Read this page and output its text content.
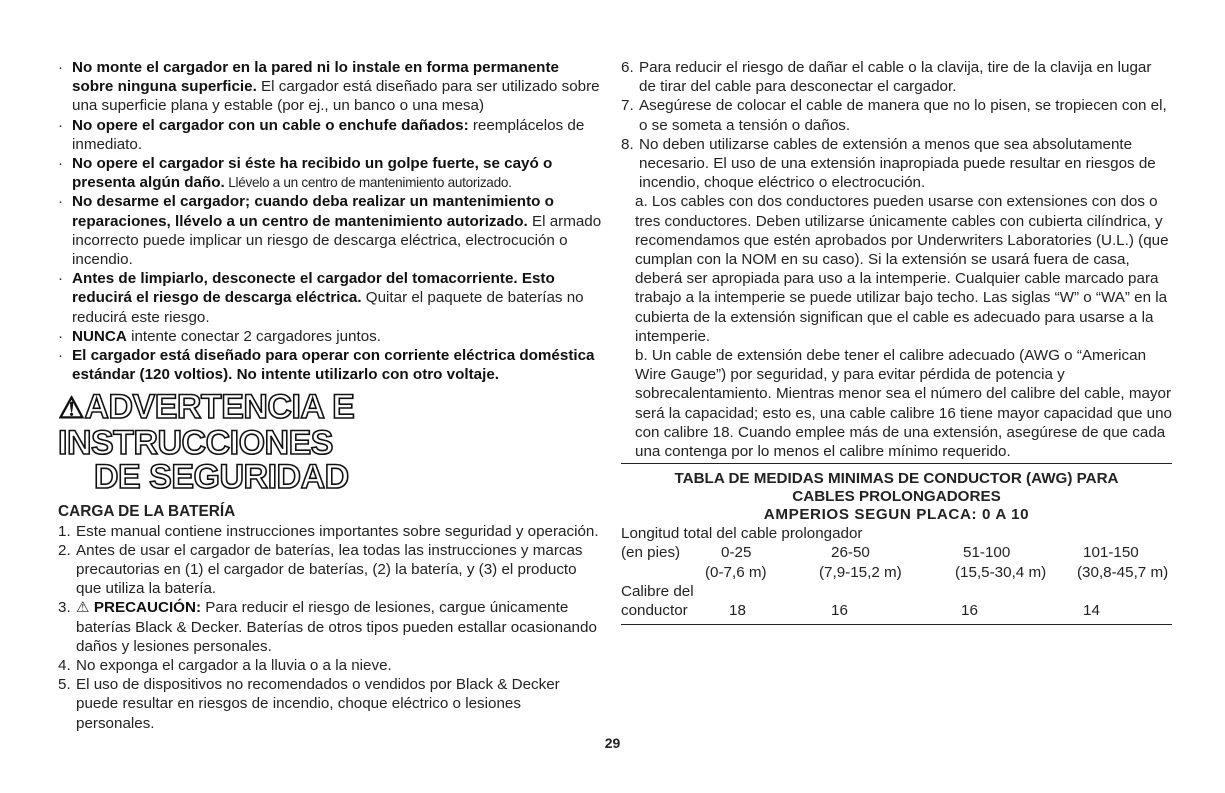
· No monte el cargador en la pared ni lo instale en forma permanente sobre ninguna superficie. El cargador está diseñado para ser utilizado sobre una superficie plana y estable (por ej., un banco o una mesa)
· No opere el cargador con un cable o enchufe dañados: reemplácelos de inmediato.
· No opere el cargador si éste ha recibido un golpe fuerte, se cayó o presenta algún daño. Llévelo a un centro de mantenimiento autorizado.
· No desarme el cargador; cuando deba realizar un mantenimiento o reparaciones, llévelo a un centro de mantenimiento autorizado. El armado incorrecto puede implicar un riesgo de descarga eléctrica, electrocución o incendio.
· Antes de limpiarlo, desconecte el cargador del tomacorriente. Esto reducirá el riesgo de descarga eléctrica. Quitar el paquete de baterías no reducirá este riesgo.
· NUNCA intente conectar 2 cargadores juntos.
· El cargador está diseñado para operar con corriente eléctrica doméstica estándar (120 voltios). No intente utilizarlo con otro voltaje.
⚠ADVERTENCIA E INSTRUCCIONES
DE SEGURIDAD
CARGA DE LA BATERÍA
1. Este manual contiene instrucciones importantes sobre seguridad y operación.
2. Antes de usar el cargador de baterías, lea todas las instrucciones y marcas precautorias en (1) el cargador de baterías, (2) la batería, y (3) el producto que utiliza la batería.
3. ⚠ PRECAUCIÓN: Para reducir el riesgo de lesiones, cargue únicamente baterías Black & Decker. Baterías de otros tipos pueden estallar ocasionando daños y lesiones personales.
4. No exponga el cargador a la lluvia o a la nieve.
5. El uso de dispositivos no recomendados o vendidos por Black & Decker puede resultar en riesgos de incendio, choque eléctrico o lesiones personales.
6. Para reducir el riesgo de dañar el cable o la clavija, tire de la clavija en lugar de tirar del cable para desconectar el cargador.
7. Asegúrese de colocar el cable de manera que no lo pisen, se tropiecen con el, o se someta a tensión o daños.
8. No deben utilizarse cables de extensión a menos que sea absolutamente necesario. El uso de una extensión inapropiada puede resultar en riesgos de incendio, choque eléctrico o electrocución.
a. Los cables con dos conductores pueden usarse con extensiones con dos o tres conductores. Deben utilizarse únicamente cables con cubierta cilíndrica, y recomendamos que estén aprobados por Underwriters Laboratories (U.L.) (que cumplan con la NOM en su caso). Si la extensión se usará fuera de casa, deberá ser apropiada para uso a la intemperie. Cualquier cable marcado para trabajo a la intemperie se puede utilizar bajo techo. Las siglas “W” o “WA” en la cubierta de la extensión significan que el cable es adecuado para usarse a la intemperie.
b. Un cable de extensión debe tener el calibre adecuado (AWG o “American Wire Gauge”) por seguridad, y para evitar pérdida de potencia y sobrecalentamiento. Mientras menor sea el número del calibre del cable, mayor será la capacidad; esto es, una cable calibre 16 tiene mayor capacidad que uno con calibre 18. Cuando emplee más de una extensión, asegúrese de que cada una contenga por lo menos el calibre mínimo requerido.
TABLA DE MEDIDAS MINIMAS DE CONDUCTOR (AWG) PARA
CABLES PROLONGADORES
AMPERIOS SEGUN PLACA: 0 A 10
Longitud total del cable prolongador
(en pies)	0-25	26-50	51-100	101-150
(0-7,6 m)	(7,9-15,2 m)	(15,5-30,4 m)	(30,8-45,7 m)
Calibre del
conductor	18	16	16	14
29
